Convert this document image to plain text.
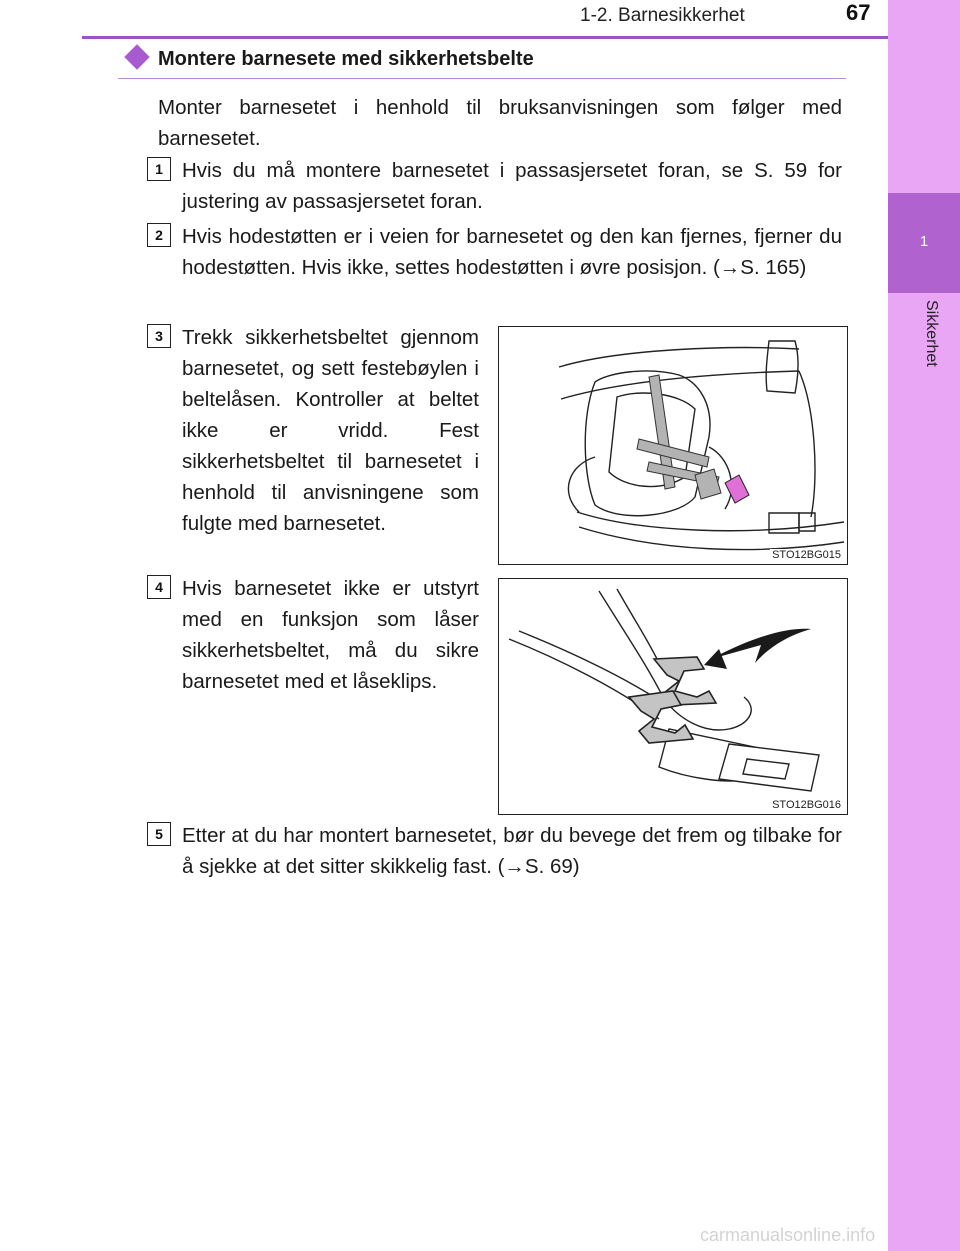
1
Sikkerhet
1-2. Barnesikkerhet	67
Montere barnesete med sikkerhetsbelte
Monter barnesetet i henhold til bruksanvisningen som følger med barnesetet.
1 Hvis du må montere barnesetet i passasjersetet foran, se S. 59 for justering av passasjersetet foran.
2 Hvis hodestøtten er i veien for barnesetet og den kan fjernes, fjerner du hodestøtten. Hvis ikke, settes hodestøtten i øvre posisjon. (→S. 165)
3 Trekk sikkerhetsbeltet gjennom barnesetet, og sett festebøylen i beltelåsen. Kontroller at beltet ikke er vridd. Fest sikkerhetsbeltet til barnesetet i henhold til anvisningene som fulgte med barnesetet.
4 Hvis barnesetet ikke er utstyrt med en funksjon som låser sikkerhetsbeltet, må du sikre barnesetet med et låseklips.
5 Etter at du har montert barnesetet, bør du bevege det frem og tilbake for å sjekke at det sitter skikkelig fast. (→S. 69)
STO12BG015
STO12BG016
carmanualsonline.info
